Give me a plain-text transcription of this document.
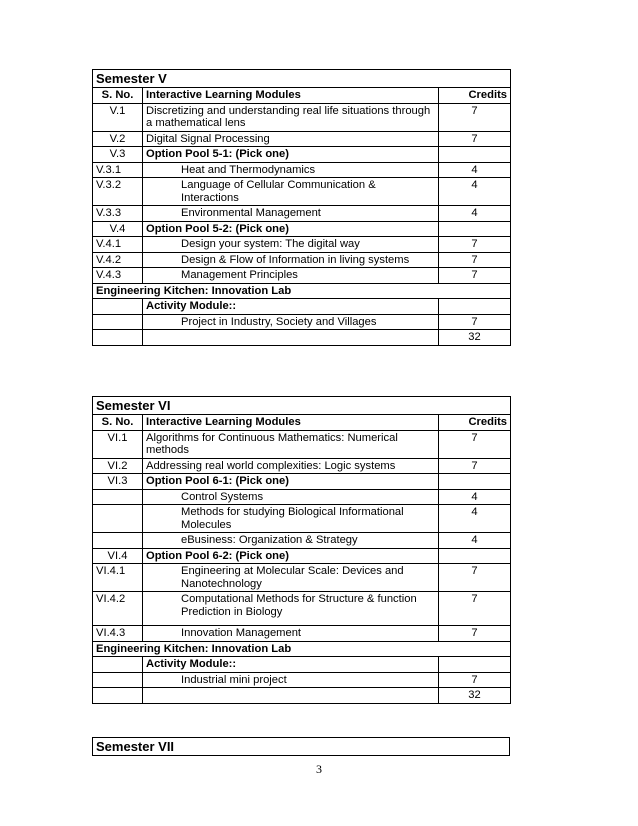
Semester V		
S. No.	Interactive Learning Modules	Credits
V.1	Discretizing and understanding real life situations through a mathematical lens	7
V.2	Digital Signal Processing	7
V.3	Option Pool 5-1: (Pick one)	
V.3.1	Heat and Thermodynamics	4
V.3.2	Language of Cellular Communication & Interactions	4
V.3.3	Environmental Management	4
V.4	Option Pool 5-2: (Pick one)	
V.4.1	Design your system: The digital way	7
V.4.2	Design & Flow of Information in living systems	7
V.4.3	Management Principles	7
Engineering Kitchen: Innovation Lab		
	Activity Module::	
	Project in Industry, Society and Villages	7
		32
Semester VI		
S. No.	Interactive Learning Modules	Credits
VI.1	Algorithms for Continuous Mathematics: Numerical methods	7
VI.2	Addressing real world complexities: Logic systems	7
VI.3	Option Pool 6-1: (Pick one)	
	Control Systems	4
	Methods for studying Biological Informational Molecules	4
	eBusiness: Organization & Strategy	4
VI.4	Option Pool 6-2: (Pick one)	
VI.4.1	Engineering at Molecular Scale: Devices and Nanotechnology	7
VI.4.2	Computational Methods for Structure & function Prediction in Biology	7
VI.4.3	Innovation Management	7
Engineering Kitchen: Innovation Lab		
	Activity Module::	
	Industrial mini project	7
		32
Semester VII
3
